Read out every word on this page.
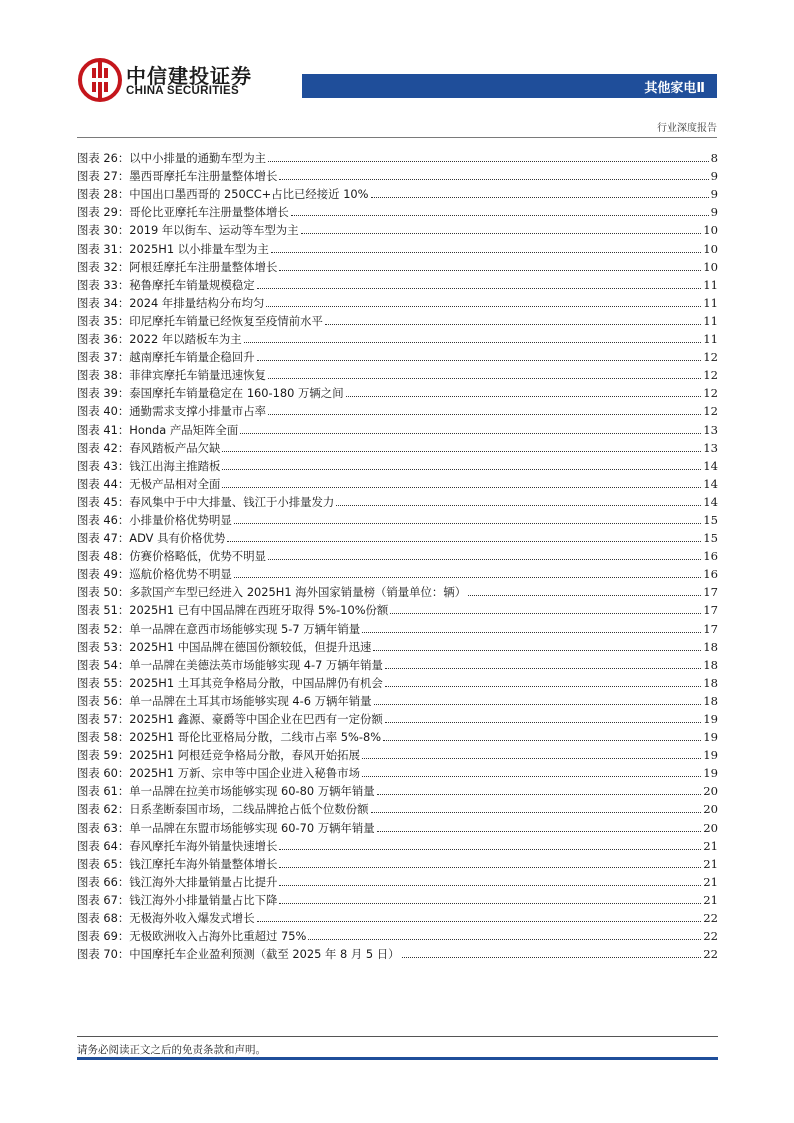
中信建投证券
CHINA SECURITIES	其他家电Ⅱ
行业深度报告
图表 26：以中小排量的通勤车型为主	8
图表 27：墨西哥摩托车注册量整体增长	9
图表 28：中国出口墨西哥的 250CC+占比已经接近 10%	9
图表 29：哥伦比亚摩托车注册量整体增长	9
图表 30：2019 年以街车、运动等车型为主	10
图表 31：2025H1 以小排量车型为主	10
图表 32：阿根廷摩托车注册量整体增长	10
图表 33：秘鲁摩托车销量规模稳定	11
图表 34：2024 年排量结构分布均匀	11
图表 35：印尼摩托车销量已经恢复至疫情前水平	11
图表 36：2022 年以踏板车为主	11
图表 37：越南摩托车销量企稳回升	12
图表 38：菲律宾摩托车销量迅速恢复	12
图表 39：泰国摩托车销量稳定在 160-180 万辆之间	12
图表 40：通勤需求支撑小排量市占率	12
图表 41：Honda 产品矩阵全面	13
图表 42：春风踏板产品欠缺	13
图表 43：钱江出海主推踏板	14
图表 44：无极产品相对全面	14
图表 45：春风集中于中大排量、钱江于小排量发力	14
图表 46：小排量价格优势明显	15
图表 47：ADV 具有价格优势	15
图表 48：仿赛价格略低，优势不明显	16
图表 49：巡航价格优势不明显	16
图表 50：多款国产车型已经进入 2025H1 海外国家销量榜（销量单位：辆）	17
图表 51：2025H1 已有中国品牌在西班牙取得 5%-10%份额	17
图表 52：单一品牌在意西市场能够实现 5-7 万辆年销量	17
图表 53：2025H1 中国品牌在德国份额较低，但提升迅速	18
图表 54：单一品牌在美德法英市场能够实现 4-7 万辆年销量	18
图表 55：2025H1 土耳其竞争格局分散，中国品牌仍有机会	18
图表 56：单一品牌在土耳其市场能够实现 4-6 万辆年销量	18
图表 57：2025H1 鑫源、豪爵等中国企业在巴西有一定份额	19
图表 58：2025H1 哥伦比亚格局分散，二线市占率 5%-8%	19
图表 59：2025H1 阿根廷竞争格局分散，春风开始拓展	19
图表 60：2025H1 万新、宗申等中国企业进入秘鲁市场	19
图表 61：单一品牌在拉美市场能够实现 60-80 万辆年销量	20
图表 62：日系垄断泰国市场，二线品牌抢占低个位数份额	20
图表 63：单一品牌在东盟市场能够实现 60-70 万辆年销量	20
图表 64：春风摩托车海外销量快速增长	21
图表 65：钱江摩托车海外销量整体增长	21
图表 66：钱江海外大排量销量占比提升	21
图表 67：钱江海外小排量销量占比下降	21
图表 68：无极海外收入爆发式增长	22
图表 69：无极欧洲收入占海外比重超过 75%	22
图表 70：中国摩托车企业盈利预测（截至 2025 年 8 月 5 日）	22
请务必阅读正文之后的免责条款和声明。
